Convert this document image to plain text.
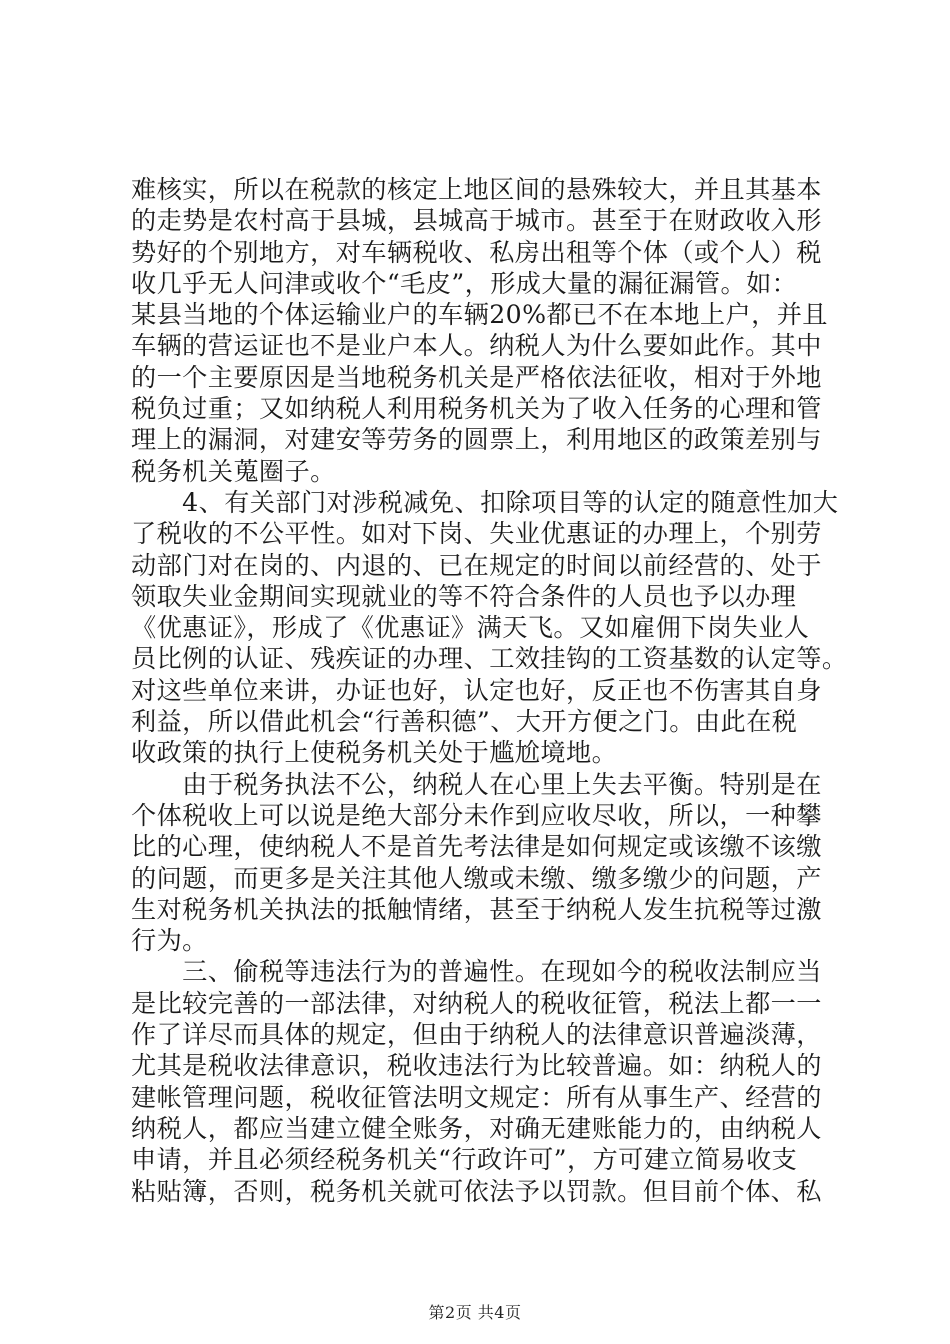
难核实，所以在税款的核定上地区间的悬殊较大，并且其基本
的走势是农村高于县城，县城高于城市。甚至于在财政收入形
势好的个别地方，对车辆税收、私房出租等个体（或个人）税
收几乎无人问津或收个“毛皮”，形成大量的漏征漏管。如：
某县当地的个体运输业户的车辆20%都已不在本地上户，并且
车辆的营运证也不是业户本人。纳税人为什么要如此作。其中
的一个主要原因是当地税务机关是严格依法征收，相对于外地
税负过重；又如纳税人利用税务机关为了收入任务的心理和管
理上的漏洞，对建安等劳务的圆票上，利用地区的政策差别与
税务机关蒐圈子。
　　4、有关部门对涉税减免、扣除项目等的认定的随意性加大
了税收的不公平性。如对下岗、失业优惠证的办理上，个别劳
动部门对在岗的、内退的、已在规定的时间以前经营的、处于
领取失业金期间实现就业的等不符合条件的人员也予以办理
《优惠证》，形成了《优惠证》满天飞。又如雇佣下岗失业人
员比例的认证、残疾证的办理、工效挂钩的工资基数的认定等。
对这些单位来讲，办证也好，认定也好，反正也不伤害其自身
利益，所以借此机会“行善积德”、大开方便之门。由此在税
收政策的执行上使税务机关处于尴尬境地。
　　由于税务执法不公，纳税人在心里上失去平衡。特别是在
个体税收上可以说是绝大部分未作到应收尽收，所以，一种攀
比的心理，使纳税人不是首先考法律是如何规定或该缴不该缴
的问题，而更多是关注其他人缴或未缴、缴多缴少的问题，产
生对税务机关执法的抵触情绪，甚至于纳税人发生抗税等过激
行为。
　　三、偷税等违法行为的普遍性。在现如今的税收法制应当
是比较完善的一部法律，对纳税人的税收征管，税法上都一一
作了详尽而具体的规定，但由于纳税人的法律意识普遍淡薄，
尤其是税收法律意识，税收违法行为比较普遍。如：纳税人的
建帐管理问题，税收征管法明文规定：所有从事生产、经营的
纳税人，都应当建立健全账务，对确无建账能力的，由纳税人
申请，并且必须经税务机关“行政许可”，方可建立简易收支
粘贴簿，否则，税务机关就可依法予以罚款。但目前个体、私
第2页 共4页
